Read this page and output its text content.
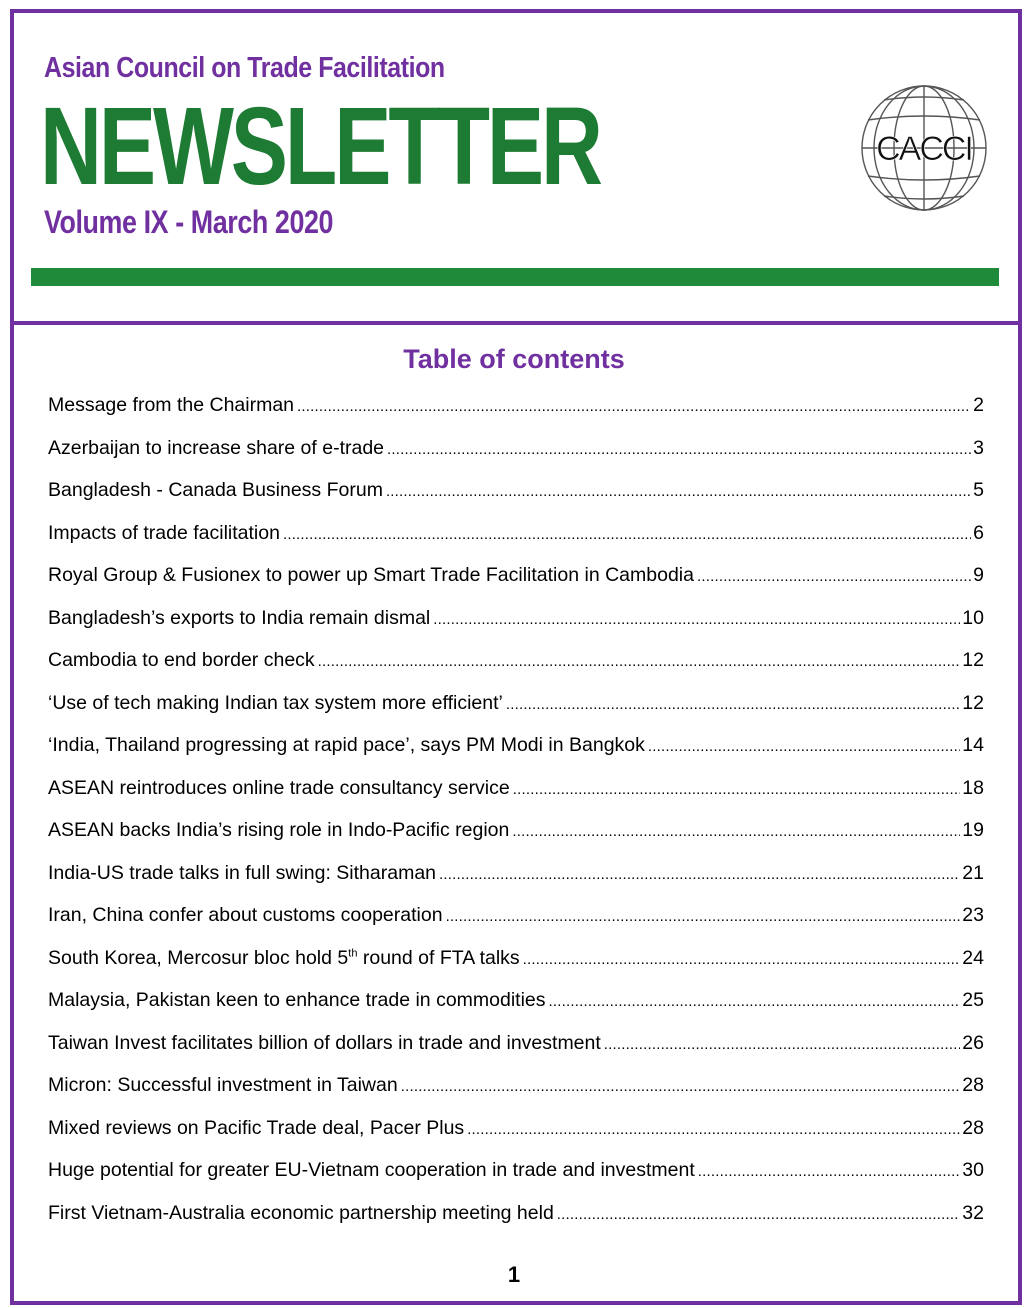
Asian Council on Trade Facilitation
NEWSLETTER
Volume IX - March 2020
CACCI
Table of contents
Message from the Chairman .....	2
Azerbaijan to increase share of e-trade .....	3
Bangladesh - Canada Business Forum .....	5
Impacts of trade facilitation .....	6
Royal Group & Fusionex to power up Smart Trade Facilitation in Cambodia .....	9
Bangladesh’s exports to India remain dismal .....	10
Cambodia to end border check .....	12
‘Use of tech making Indian tax system more efficient’ .....	12
‘India, Thailand progressing at rapid pace’, says PM Modi in Bangkok .....	14
ASEAN reintroduces online trade consultancy service .....	18
ASEAN backs India’s rising role in Indo-Pacific region .....	19
India-US trade talks in full swing: Sitharaman .....	21
Iran, China confer about customs cooperation .....	23
South Korea, Mercosur bloc hold 5th round of FTA talks .....	24
Malaysia, Pakistan keen to enhance trade in commodities .....	25
Taiwan Invest facilitates billion of dollars in trade and investment .....	26
Micron: Successful investment in Taiwan .....	28
Mixed reviews on Pacific Trade deal, Pacer Plus .....	28
Huge potential for greater EU-Vietnam cooperation in trade and investment .....	30
First Vietnam-Australia economic partnership meeting held .....	32

1
